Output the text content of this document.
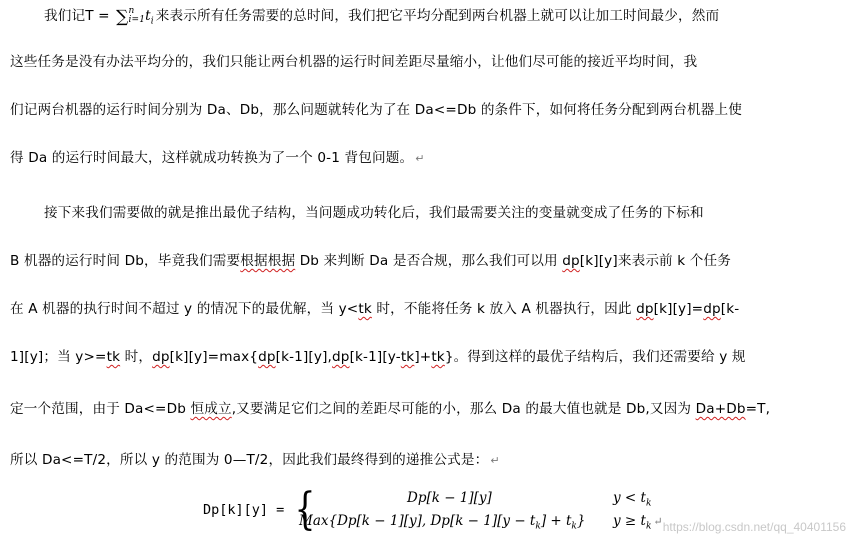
我们记T = ∑n
$i=1t_i$ 来表示所有任务需要的总时间，我们把它平均分配到两台机器上就可以让加工时间最少，然而
这些任务是没有办法平均分的，我们只能让两台机器的运行时间差距尽量缩小，让他们尽可能的接近平均时间，我
们记两台机器的运行时间分别为 Da、Db，那么问题就转化为了在 Da<=Db 的条件下，如何将任务分配到两台机器上使
得 Da 的运行时间最大，这样就成功转换为了一个 0-1 背包问题。 ↵
接下来我们需要做的就是推出最优子结构，当问题成功转化后，我们最需要关注的变量就变成了任务的下标和
B 机器的运行时间 Db，毕竟我们需要根据根据 Db 来判断 Da 是否合规，那么我们可以用 dp[k][y]来表示前 k 个任务
在 A 机器的执行时间不超过 y 的情况下的最优解，当 y<tk 时，不能将任务 k 放入 A 机器执行，因此 dp[k][y]=dp[k-
1][y]；当 y>=tk 时，dp[k][y]=max{dp[k-1][y],dp[k-1][y-tk]+tk}。得到这样的最优子结构后，我们还需要给 y 规
定一个范围，由于 Da<=Db 恒成立,又要满足它们之间的差距尽可能的小，那么 Da 的最大值也就是 Db,又因为 Da+Db=T,
所以 Da<=T/2，所以 y 的范围为 0—T/2，因此我们最终得到的递推公式是： ↵
Dp[k][y] = {	Dp[k − 1][y]	$y < t_k$
Max{Dp[k − 1][y], $Dp[k - 1][y - t_k] + t_k$} $y \ge t_k$ ↵ https://blog.csdn.net/qq_40401156
